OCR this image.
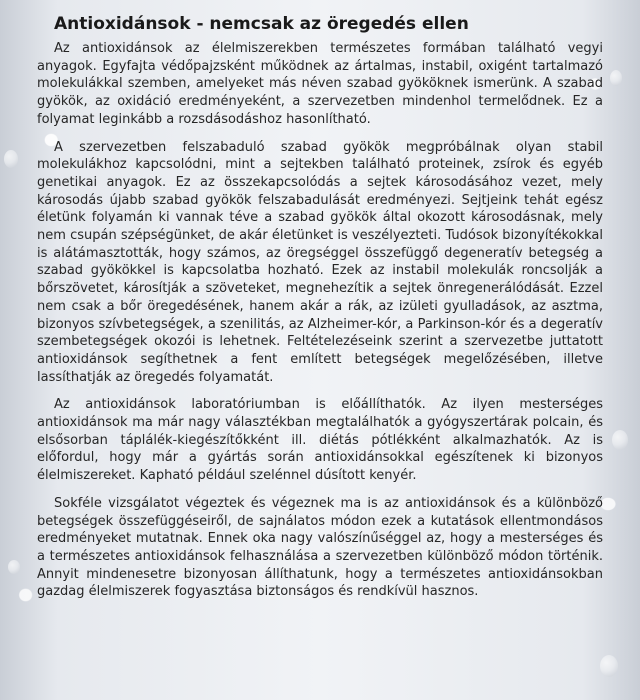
Antioxidánsok - nemcsak az öregedés ellen

Az antioxidánsok az élelmiszerekben természetes formában található vegyi anyagok. Egyfajta védőpajzsként működnek az ártalmas, instabil, oxigént tartalmazó molekulákkal szemben, amelyeket más néven szabad gyököknek ismerünk. A szabad gyökök, az oxidáció eredményeként, a szervezetben mindenhol termelődnek. Ez a folyamat leginkább a rozsdásodáshoz hasonlítható.

A szervezetben felszabaduló szabad gyökök megpróbálnak olyan stabil molekulákhoz kapcsolódni, mint a sejtekben található proteinek, zsírok és egyéb genetikai anyagok. Ez az összekapcsolódás a sejtek károsodásához vezet, mely károsodás újabb szabad gyökök felszabadulását eredményezi. Sejtjeink tehát egész életünk folyamán ki vannak téve a szabad gyökök által okozott károsodásnak, mely nem csupán szépségünket, de akár életünket is veszélyezteti. Tudósok bizonyítékokkal is alátámasztották, hogy számos, az öregséggel összefüggő degeneratív betegség a szabad gyökökkel is kapcsolatba hozható. Ezek az instabil molekulák roncsolják a bőrszövetet, károsítják a szöveteket, megnehezítik a sejtek önregenerálódását. Ezzel nem csak a bőr öregedésének, hanem akár a rák, az izületi gyulladások, az asztma, bizonyos szívbetegségek, a szenilitás, az Alzheimer-kór, a Parkinson-kór és a degeratív szembetegségek okozói is lehetnek. Feltételezéseink szerint a szervezetbe juttatott antioxidánsok segíthetnek a fent említett betegségek megelőzésében, illetve lassíthatják az öregedés folyamatát.

Az antioxidánsok laboratóriumban is előállíthatók. Az ilyen mesterséges antioxidánsok ma már nagy választékban megtalálhatók a gyógyszertárak polcain, és elsősorban táplálék-kiegészítőkként ill. diétás pótlékként alkalmazhatók. Az is előfordul, hogy már a gyártás során antioxidánsokkal egészítenek ki bizonyos élelmiszereket. Kapható például szelénnel dúsított kenyér.

Sokféle vizsgálatot végeztek és végeznek ma is az antioxidánsok és a különböző betegségek összefüggéseiről, de sajnálatos módon ezek a kutatások ellentmondásos eredményeket mutatnak. Ennek oka nagy valószínűséggel az, hogy a mesterséges és a természetes antioxidánsok felhasználása a szervezetben különböző módon történik. Annyit mindenesetre bizonyosan állíthatunk, hogy a természetes antioxidánsokban gazdag élelmiszerek fogyasztása biztonságos és rendkívül hasznos.
